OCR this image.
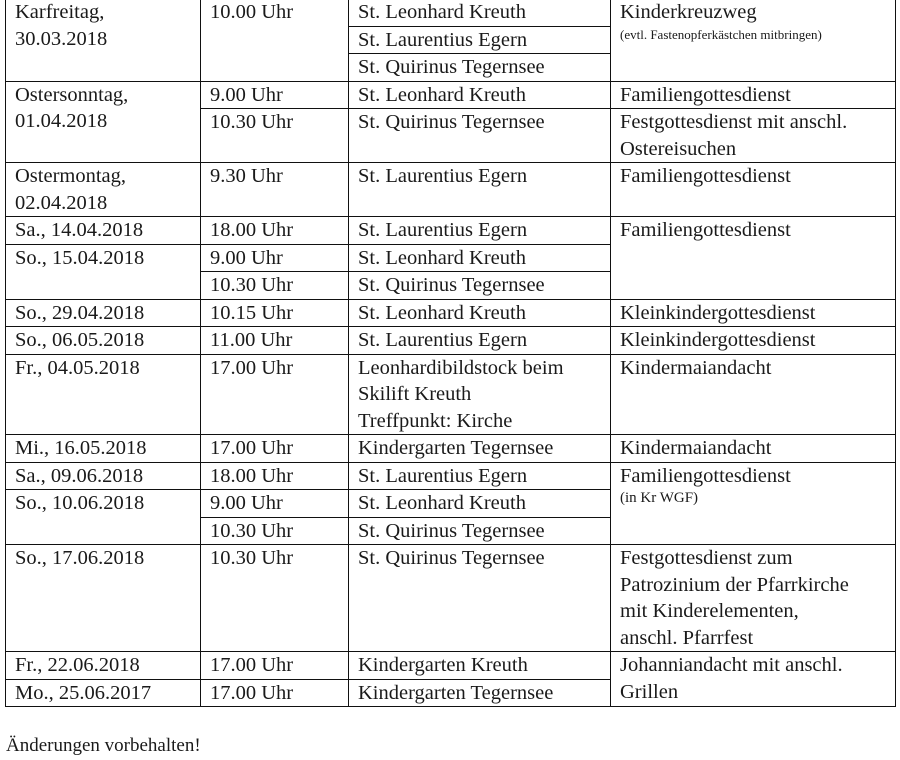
Karfreitag,
30.03.2018	10.00 Uhr	St. Leonhard Kreuth	Kinderkreuzweg
(evtl. Fastenopferkästchen mitbringen)

		St. Laurentius Egern	
		St. Quirinus Tegernsee	

Ostersonntag,
01.04.2018	9.00 Uhr	St. Leonhard Kreuth	Familiengottesdienst
	10.30 Uhr	St. Quirinus Tegernsee	Festgottesdienst mit anschl.
Ostereisuchen

Ostermontag,
02.04.2018	9.30 Uhr	St. Laurentius Egern	Familiengottesdienst
Sa., 14.04.2018	18.00 Uhr	St. Laurentius Egern	Familiengottesdienst
So., 15.04.2018	9.00 Uhr	St. Leonhard Kreuth	
	10.30 Uhr	St. Quirinus Tegernsee	
So., 29.04.2018	10.15 Uhr	St. Leonhard Kreuth	Kleinkindergottesdienst
So., 06.05.2018	11.00 Uhr	St. Laurentius Egern	Kleinkindergottesdienst
Fr., 04.05.2018	17.00 Uhr	Leonhardibildstock beim
Skilift Kreuth
Treffpunkt: Kirche	Kindermaiandacht
Mi., 16.05.2018	17.00 Uhr	Kindergarten Tegernsee	Kindermaiandacht
Sa., 09.06.2018	18.00 Uhr	St. Laurentius Egern	Familiengottesdienst
(in Kr WGF)

So., 10.06.2018	9.00 Uhr	St. Leonhard Kreuth	
	10.30 Uhr	St. Quirinus Tegernsee	
So., 17.06.2018	10.30 Uhr	St. Quirinus Tegernsee	Festgottesdienst zum
Patrozinium der Pfarrkirche
mit Kinderelementen,
anschl. Pfarrfest

Fr., 22.06.2018	17.00 Uhr	Kindergarten Kreuth	Johanniandacht mit anschl.
Grillen

Mo., 25.06.2017	17.00 Uhr	Kindergarten Tegernsee	
Änderungen vorbehalten!
